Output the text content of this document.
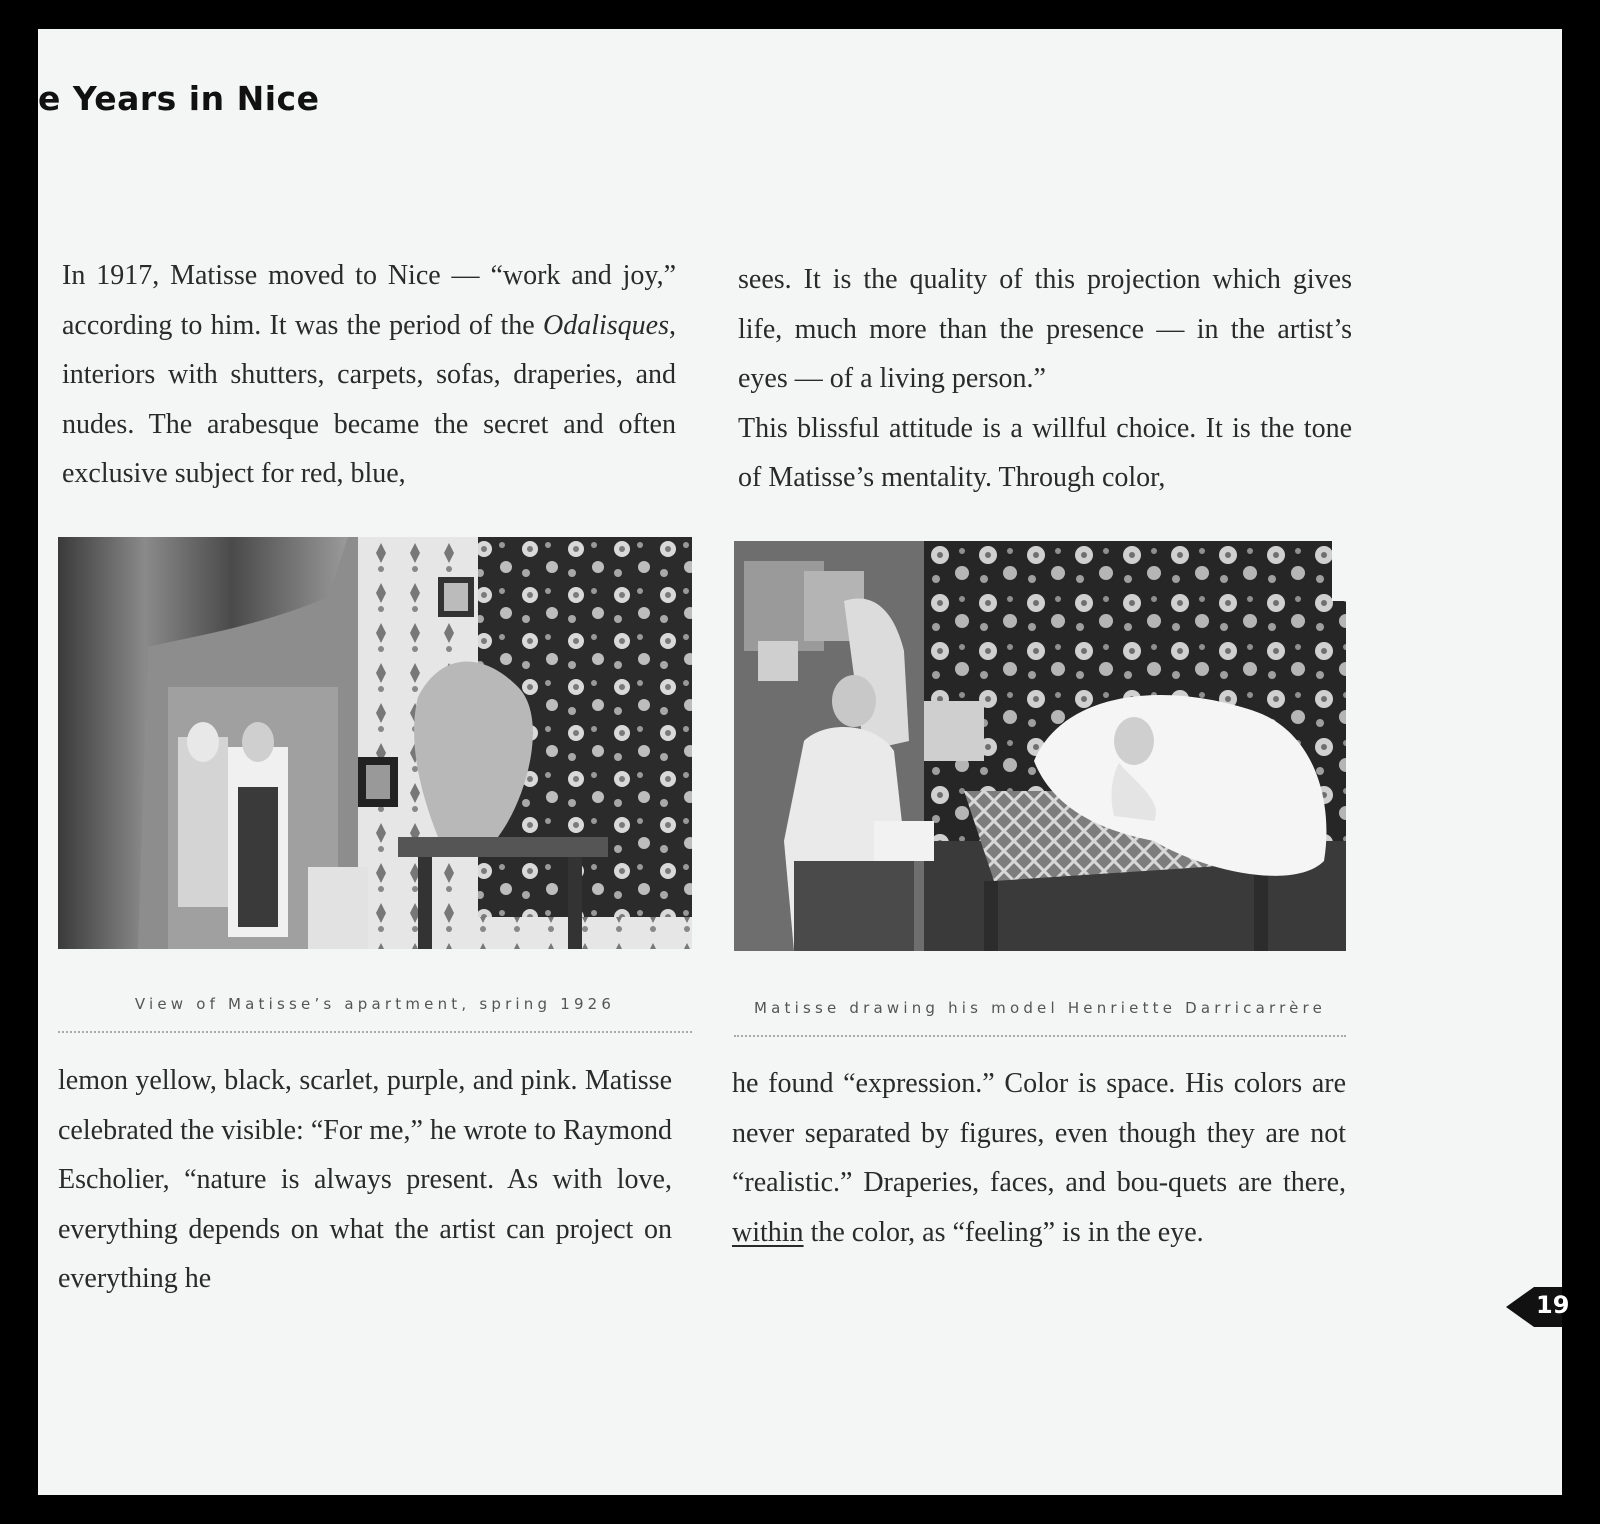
e Years in Nice

In 1917, Matisse moved to Nice — “work and joy,” according to him. It was the period of the Odalisques, interiors with shutters, carpets, sofas, draperies, and nudes. The arabesque became the secret and often exclusive subject for red, blue,

sees. It is the quality of this projection which gives life, much more than the presence — in the artist’s eyes — of a living person.”

This blissful attitude is a willful choice. It is the tone of Matisse’s mentality. Through color,

View of Matisse’s apartment, spring 1926	Matisse drawing his model Henriette Darricarrère

lemon yellow, black, scarlet, purple, and pink. Matisse celebrated the visible: “For me,” he wrote to Raymond Escholier, “nature is always present. As with love, everything depends on what the artist can project on everything he

he found “expression.” Color is space. His colors are never separated by figures, even though they are not “realistic.” Draperies, faces, and bou-quets are there, within the color, as “feeling” is in the eye.

19
